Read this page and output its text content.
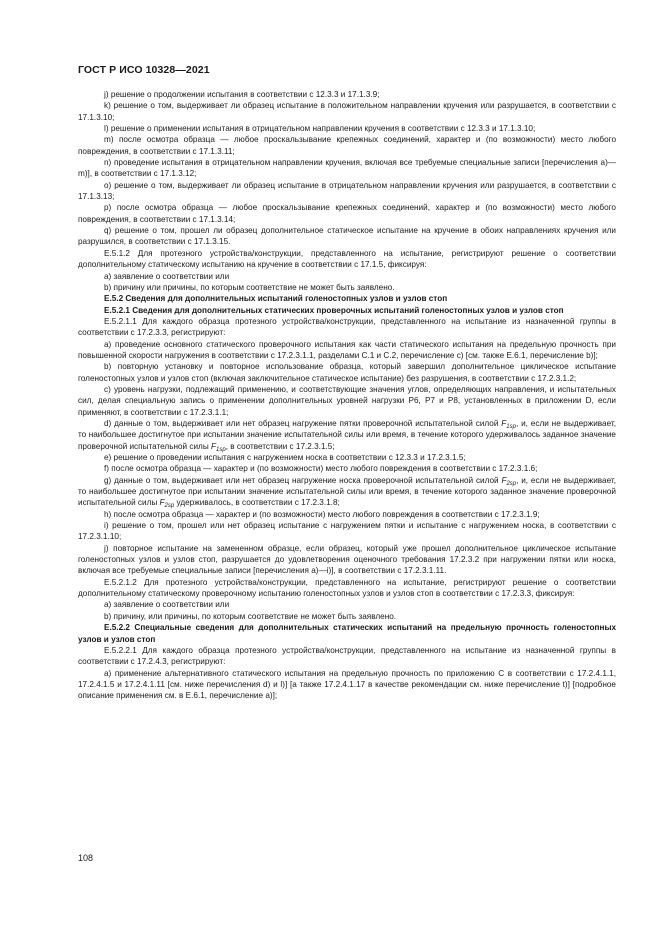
ГОСТ Р ИСО 10328—2021

j) решение о продолжении испытания в соответствии с 12.3.3 и 17.1.3.9;

k) решение о том, выдерживает ли образец испытание в положительном направлении кручения или разрушается, в соответствии с 17.1.3.10;

l) решение о применении испытания в отрицательном направлении кручения в соответствии с 12.3.3 и 17.1.3.10;

m) после осмотра образца — любое проскальзывание крепежных соединений, характер и (по возможности) место любого повреждения, в соответствии с 17.1.3.11;

n) проведение испытания в отрицательном направлении кручения, включая все требуемые специальные записи [перечисления a)—m)], в соответствии с 17.1.3.12;

o) решение о том, выдерживает ли образец испытание в отрицательном направлении кручения или разрушается, в соответствии с 17.1.3.13;

p) после осмотра образца — любое проскальзывание крепежных соединений, характер и (по возможности) место любого повреждения, в соответствии с 17.1.3.14;

q) решение о том, прошел ли образец дополнительное статическое испытание на кручение в обоих направлениях кручения или разрушился, в соответствии с 17.1.3.15.

E.5.1.2 Для протезного устройства/конструкции, представленного на испытание, регистрируют решение о соответствии дополнительному статическому испытанию на кручение в соответствии с 17.1.5, фиксируя:

a) заявление о соответствии или

b) причину или причины, по которым соответствие не может быть заявлено.

E.5.2 Сведения для дополнительных испытаний голеностопных узлов и узлов стоп

E.5.2.1 Сведения для дополнительных статических проверочных испытаний голеностопных узлов и узлов стоп

E.5.2.1.1 Для каждого образца протезного устройства/конструкции, представленного на испытание из назначенной группы в соответствии с 17.2.3.3, регистрируют:

a) проведение основного статического проверочного испытания как части статического испытания на предельную прочность при повышенной скорости нагружения в соответствии с 17.2.3.1.1, разделами C.1 и C.2, перечисление c) [см. также E.6.1, перечисление b)];

b) повторную установку и повторное использование образца, который завершил дополнительное циклическое испытание голеностопных узлов и узлов стоп (включая заключительное статическое испытание) без разрушения, в соответствии с 17.2.3.1.2;

c) уровень нагрузки, подлежащий применению, и соответствующие значения углов, определяющих направления, и испытательных сил, делая специальную запись о применении дополнительных уровней нагрузки P6, P7 и P8, установленных в приложении D, если применяют, в соответствии с 17.2.3.1.1;

d) данные о том, выдерживает или нет образец нагружение пятки проверочной испытательной силой $F_{1sp}$, и, если не выдерживает, то наибольшее достигнутое при испытании значение испытательной силы или время, в течение которого удерживалось заданное значение проверочной испытательной силы $F_{1sp}$, в соответствии с 17.2.3.1.5;

e) решение о проведении испытания с нагружением носка в соответствии с 12.3.3 и 17.2.3.1.5;

f) после осмотра образца — характер и (по возможности) место любого повреждения в соответствии с 17.2.3.1.6;

g) данные о том, выдерживает или нет образец нагружение носка проверочной испытательной силой $F_{2sp}$, и, если не выдерживает, то наибольшее достигнутое при испытании значение испытательной силы или время, в течение которого заданное значение проверочной испытательной силы $F_{2sp}$ удерживалось, в соответствии с 17.2.3.1.8;

h) после осмотра образца — характер и (по возможности) место любого повреждения в соответствии с 17.2.3.1.9;

i) решение о том, прошел или нет образец испытание с нагружением пятки и испытание с нагружением носка, в соответствии с 17.2.3.1.10;

j) повторное испытание на замененном образце, если образец, который уже прошел дополнительное циклическое испытание голеностопных узлов и узлов стоп, разрушается до удовлетворения оценочного требования 17.2.3.2 при нагружении пятки или носка, включая все требуемые специальные записи [перечисления a)—i)], в соответствии с 17.2.3.1.11.

E.5.2.1.2 Для протезного устройства/конструкции, представленного на испытание, регистрируют решение о соответствии дополнительному статическому проверочному испытанию голеностопных узлов и узлов стоп в соответствии с 17.2.3.3, фиксируя:

a) заявление о соответствии или

b) причину, или причины, по которым соответствие не может быть заявлено.

E.5.2.2 Специальные сведения для дополнительных статических испытаний на предельную прочность голеностопных узлов и узлов стоп

E.5.2.2.1 Для каждого образца протезного устройства/конструкции, представленного на испытание из назначенной группы в соответствии с 17.2.4.3, регистрируют:

a) применение альтернативного статического испытания на предельную прочность по приложению C в соответствии с 17.2.4.1.1, 17.2.4.1.5 и 17.2.4.1.11 [см. ниже перечисления d) и l)] [а также 17.2.4.1.17 в качестве рекомендации см. ниже перечисление t)] [подробное описание применения см. в E.6.1, перечисление a)];

108
